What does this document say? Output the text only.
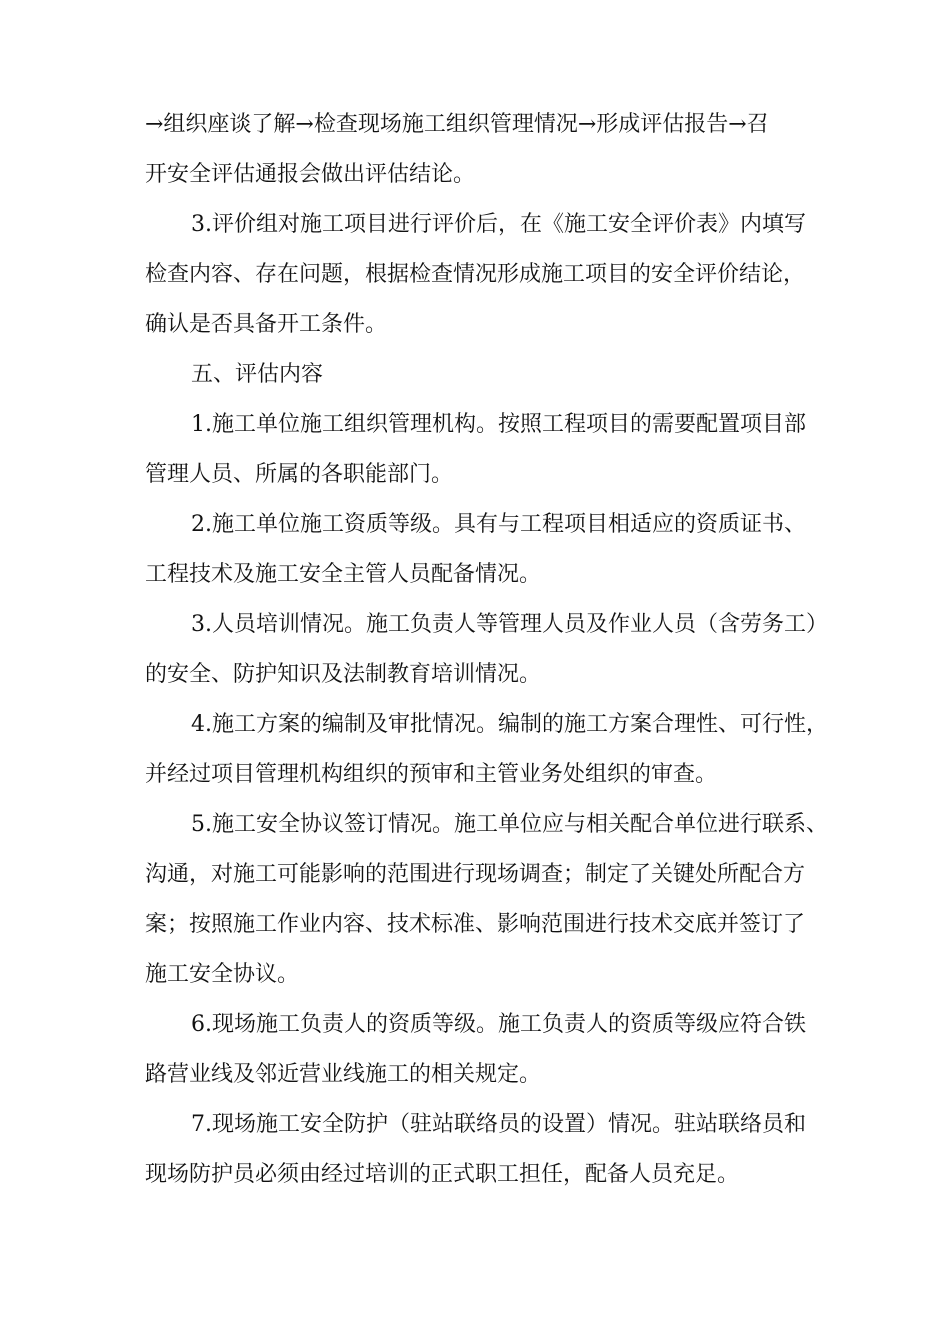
→组织座谈了解→检查现场施工组织管理情况→形成评估报告→召
开安全评估通报会做出评估结论。
3.评价组对施工项目进行评价后，在《施工安全评价表》内填写
检查内容、存在问题，根据检查情况形成施工项目的安全评价结论，
确认是否具备开工条件。
五、评估内容
1.施工单位施工组织管理机构。按照工程项目的需要配置项目部
管理人员、所属的各职能部门。
2.施工单位施工资质等级。具有与工程项目相适应的资质证书、
工程技术及施工安全主管人员配备情况。
3.人员培训情况。施工负责人等管理人员及作业人员（含劳务工）
的安全、防护知识及法制教育培训情况。
4.施工方案的编制及审批情况。编制的施工方案合理性、可行性，
并经过项目管理机构组织的预审和主管业务处组织的审查。
5.施工安全协议签订情况。施工单位应与相关配合单位进行联系、
沟通，对施工可能影响的范围进行现场调查；制定了关键处所配合方
案；按照施工作业内容、技术标准、影响范围进行技术交底并签订了
施工安全协议。
6.现场施工负责人的资质等级。施工负责人的资质等级应符合铁
路营业线及邻近营业线施工的相关规定。
7.现场施工安全防护（驻站联络员的设置）情况。驻站联络员和
现场防护员必须由经过培训的正式职工担任，配备人员充足。
